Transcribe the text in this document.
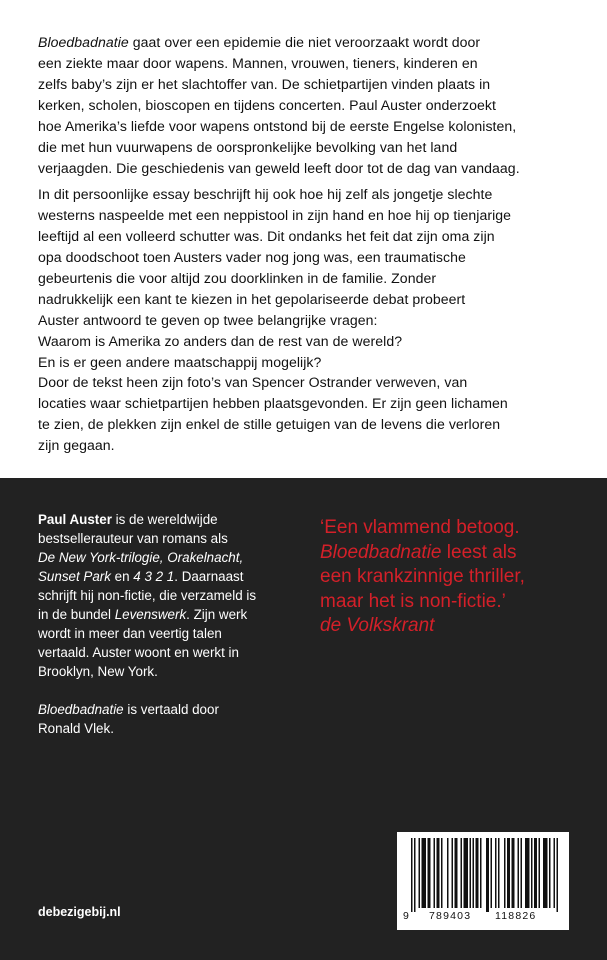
Bloedbadnatie gaat over een epidemie die niet veroorzaakt wordt door
een ziekte maar door wapens. Mannen, vrouwen, tieners, kinderen en
zelfs baby’s zijn er het slachtoffer van. De schietpartijen vinden plaats in
kerken, scholen, bioscopen en tijdens concerten. Paul Auster onderzoekt
hoe Amerika’s liefde voor wapens ontstond bij de eerste Engelse kolonisten,
die met hun vuurwapens de oorspronkelijke bevolking van het land
verjaagden. Die geschiedenis van geweld leeft door tot de dag van vandaag.

In dit persoonlijke essay beschrijft hij ook hoe hij zelf als jongetje slechte
westerns naspeelde met een neppistool in zijn hand en hoe hij op tienjarige
leeftijd al een volleerd schutter was. Dit ondanks het feit dat zijn oma zijn
opa doodschoot toen Austers vader nog jong was, een traumatische
gebeurtenis die voor altijd zou doorklinken in de familie. Zonder
nadrukkelijk een kant te kiezen in het gepolariseerde debat probeert
Auster antwoord te geven op twee belangrijke vragen:
Waarom is Amerika zo anders dan de rest van de wereld?
En is er geen andere maatschappij mogelijk?

Door de tekst heen zijn foto’s van Spencer Ostrander verweven, van
locaties waar schietpartijen hebben plaatsgevonden. Er zijn geen lichamen
te zien, de plekken zijn enkel de stille getuigen van de levens die verloren
zijn gegaan.

Paul Auster is de wereldwijde
bestsellerauteur van romans als
De New York-trilogie, Orakelnacht,
Sunset Park en 4 3 2 1. Daarnaast
schrijft hij non-fictie, die verzameld is
in de bundel Levenswerk. Zijn werk
wordt in meer dan veertig talen
vertaald. Auster woont en werkt in
Brooklyn, New York.

Bloedbadnatie is vertaald door
Ronald Vlek.

‘Een vlammend betoog.
Bloedbadnatie leest als
een krankzinnige thriller,
maar het is non-fictie.’
de Volkskrant

debezigebij.nl	9 789403 118826
